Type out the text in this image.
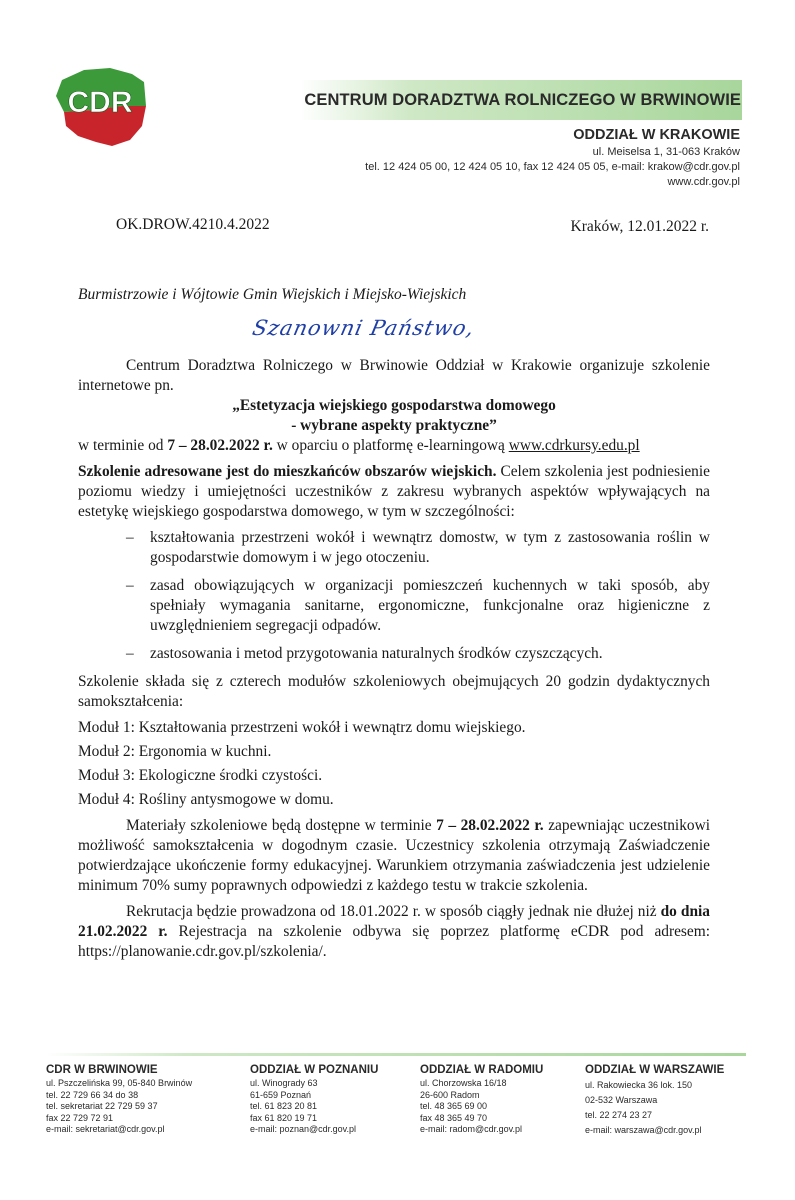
CDR	CENTRUM DORADZTWA ROLNICZEGO W BRWINOWIE
ODDZIAŁ W KRAKOWIE
ul. Meiselsa 1, 31-063 Kraków
tel. 12 424 05 00, 12 424 05 10, fax 12 424 05 05, e-mail: krakow@cdr.gov.pl
www.cdr.gov.pl
OK.DROW.4210.4.2022	Kraków, 12.01.2022 r.
Burmistrzowie i Wójtowie Gmin Wiejskich i Miejsko-Wiejskich
Szanowni Państwo,

Centrum Doradztwa Rolniczego w Brwinowie Oddział w Krakowie organizuje szkolenie internetowe pn.

„Estetyzacja wiejskiego gospodarstwa domowego
- wybrane aspekty praktyczne”

w terminie od 7 – 28.02.2022 r. w oparciu o platformę e-learningową www.cdrkursy.edu.pl

Szkolenie adresowane jest do mieszkańców obszarów wiejskich. Celem szkolenia jest podniesienie poziomu wiedzy i umiejętności uczestników z zakresu wybranych aspektów wpływających na estetykę wiejskiego gospodarstwa domowego, w tym w szczególności:

– kształtowania przestrzeni wokół i wewnątrz domostw, w tym z zastosowania roślin w gospodarstwie domowym i w jego otoczeniu.
– zasad obowiązujących w organizacji pomieszczeń kuchennych w taki sposób, aby spełniały wymagania sanitarne, ergonomiczne, funkcjonalne oraz higieniczne z uwzględnieniem segregacji odpadów.
– zastosowania i metod przygotowania naturalnych środków czyszczących.

Szkolenie składa się z czterech modułów szkoleniowych obejmujących 20 godzin dydaktycznych samokształcenia:

Moduł 1: Kształtowania przestrzeni wokół i wewnątrz domu wiejskiego.

Moduł 2: Ergonomia w kuchni.

Moduł 3: Ekologiczne środki czystości.

Moduł 4: Rośliny antysmogowe w domu.

Materiały szkoleniowe będą dostępne w terminie 7 – 28.02.2022 r. zapewniając uczestnikowi możliwość samokształcenia w dogodnym czasie. Uczestnicy szkolenia otrzymają Zaświadczenie potwierdzające ukończenie formy edukacyjnej. Warunkiem otrzymania zaświadczenia jest udzielenie minimum 70% sumy poprawnych odpowiedzi z każdego testu w trakcie szkolenia.

Rekrutacja będzie prowadzona od 18.01.2022 r. w sposób ciągły jednak nie dłużej niż do dnia 21.02.2022 r. Rejestracja na szkolenie odbywa się poprzez platformę eCDR pod adresem: https://planowanie.cdr.gov.pl/szkolenia/.

CDR W BRWINOWIE
ul. Pszczelińska 99, 05-840 Brwinów
tel. 22 729 66 34 do 38
tel. sekretariat 22 729 59 37
fax 22 729 72 91
e-mail: sekretariat@cdr.gov.pl
ODDZIAŁ W POZNANIU
ul. Winogrady 63
61-659 Poznań
tel. 61 823 20 81
fax 61 820 19 71
e-mail: poznan@cdr.gov.pl
ODDZIAŁ W RADOMIU
ul. Chorzowska 16/18
26-600 Radom
tel. 48 365 69 00
fax 48 365 49 70
e-mail: radom@cdr.gov.pl
ODDZIAŁ W WARSZAWIE
ul. Rakowiecka 36 lok. 150
02-532 Warszawa
tel. 22 274 23 27
e-mail: warszawa@cdr.gov.pl
